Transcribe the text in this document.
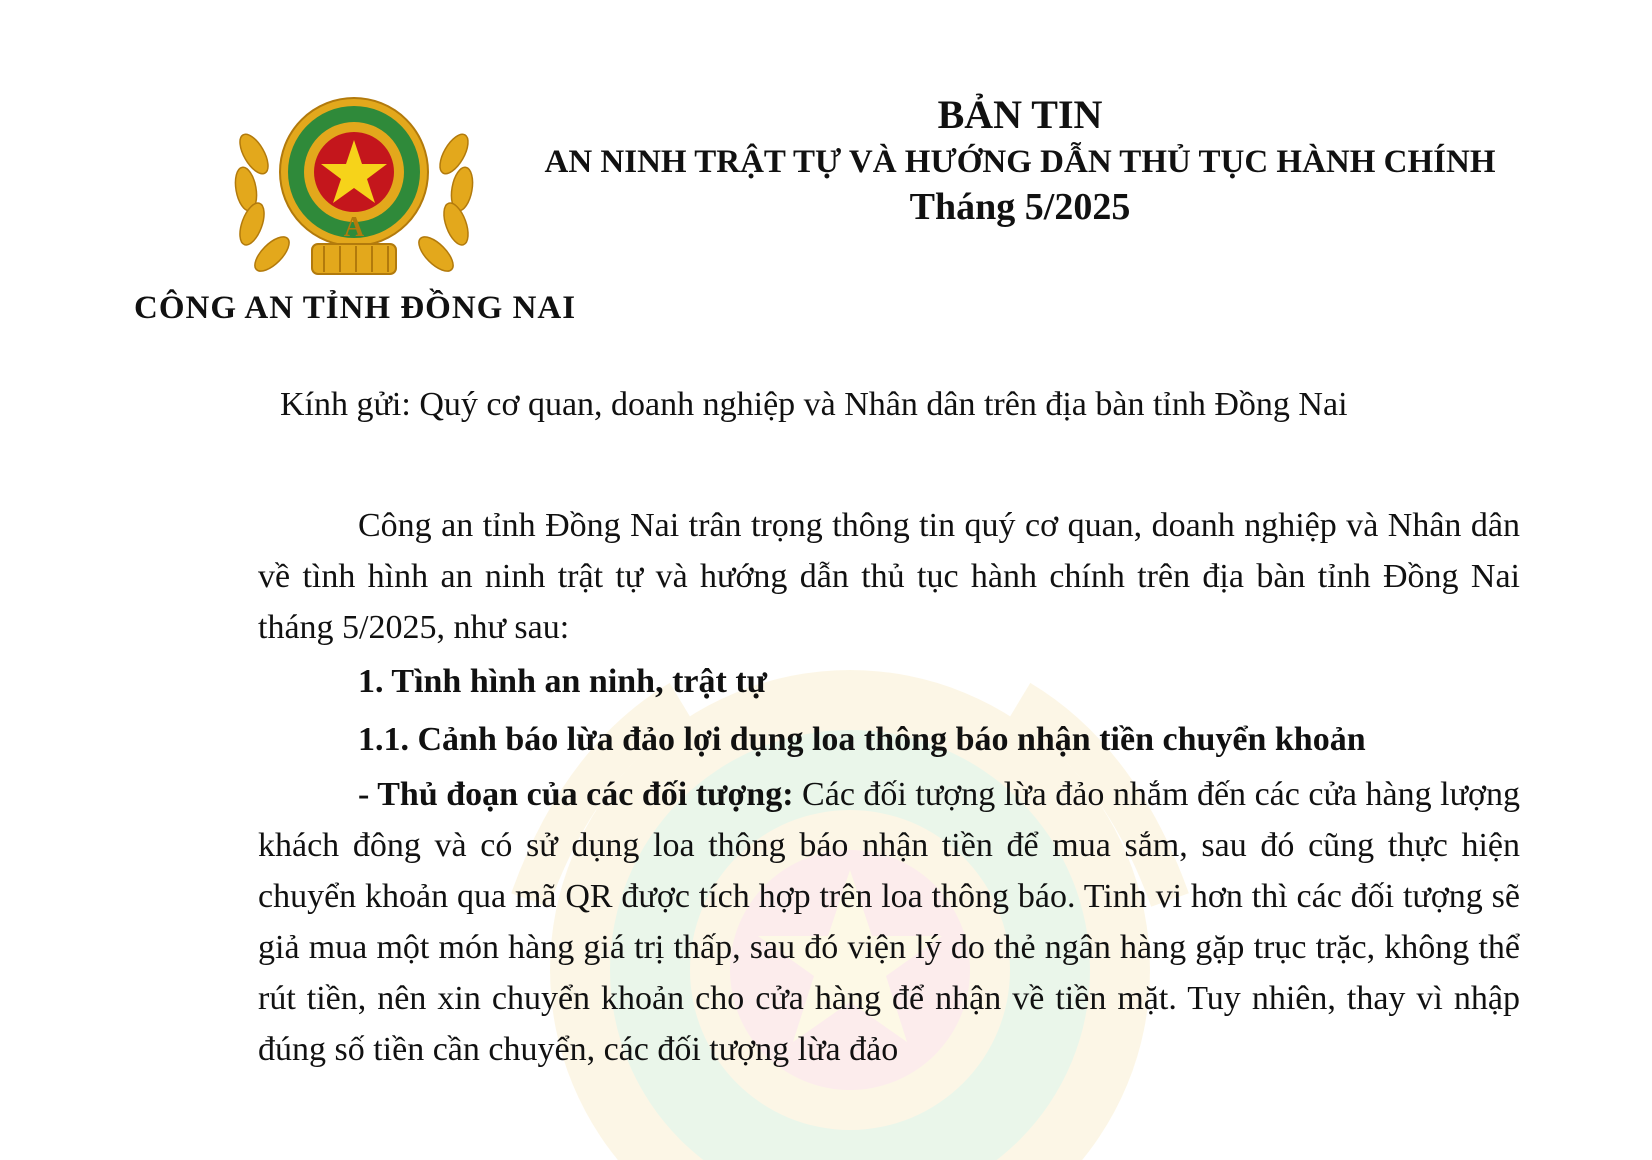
A
CÔNG AN TỈNH ĐỒNG NAI
BẢN TIN
AN NINH TRẬT TỰ VÀ HƯỚNG DẪN THỦ TỤC HÀNH CHÍNH
Tháng 5/2025
Kính gửi: Quý cơ quan, doanh nghiệp và Nhân dân trên địa bàn tỉnh Đồng Nai

Công an tỉnh Đồng Nai trân trọng thông tin quý cơ quan, doanh nghiệp và Nhân dân về tình hình an ninh trật tự và hướng dẫn thủ tục hành chính trên địa bàn tỉnh Đồng Nai tháng 5/2025, như sau:

1. Tình hình an ninh, trật tự

1.1. Cảnh báo lừa đảo lợi dụng loa thông báo nhận tiền chuyển khoản

- Thủ đoạn của các đối tượng: Các đối tượng lừa đảo nhắm đến các cửa hàng lượng khách đông và có sử dụng loa thông báo nhận tiền để mua sắm, sau đó cũng thực hiện chuyển khoản qua mã QR được tích hợp trên loa thông báo. Tinh vi hơn thì các đối tượng sẽ giả mua một món hàng giá trị thấp, sau đó viện lý do thẻ ngân hàng gặp trục trặc, không thể rút tiền, nên xin chuyển khoản cho cửa hàng để nhận về tiền mặt. Tuy nhiên, thay vì nhập đúng số tiền cần chuyển, các đối tượng lừa đảo
